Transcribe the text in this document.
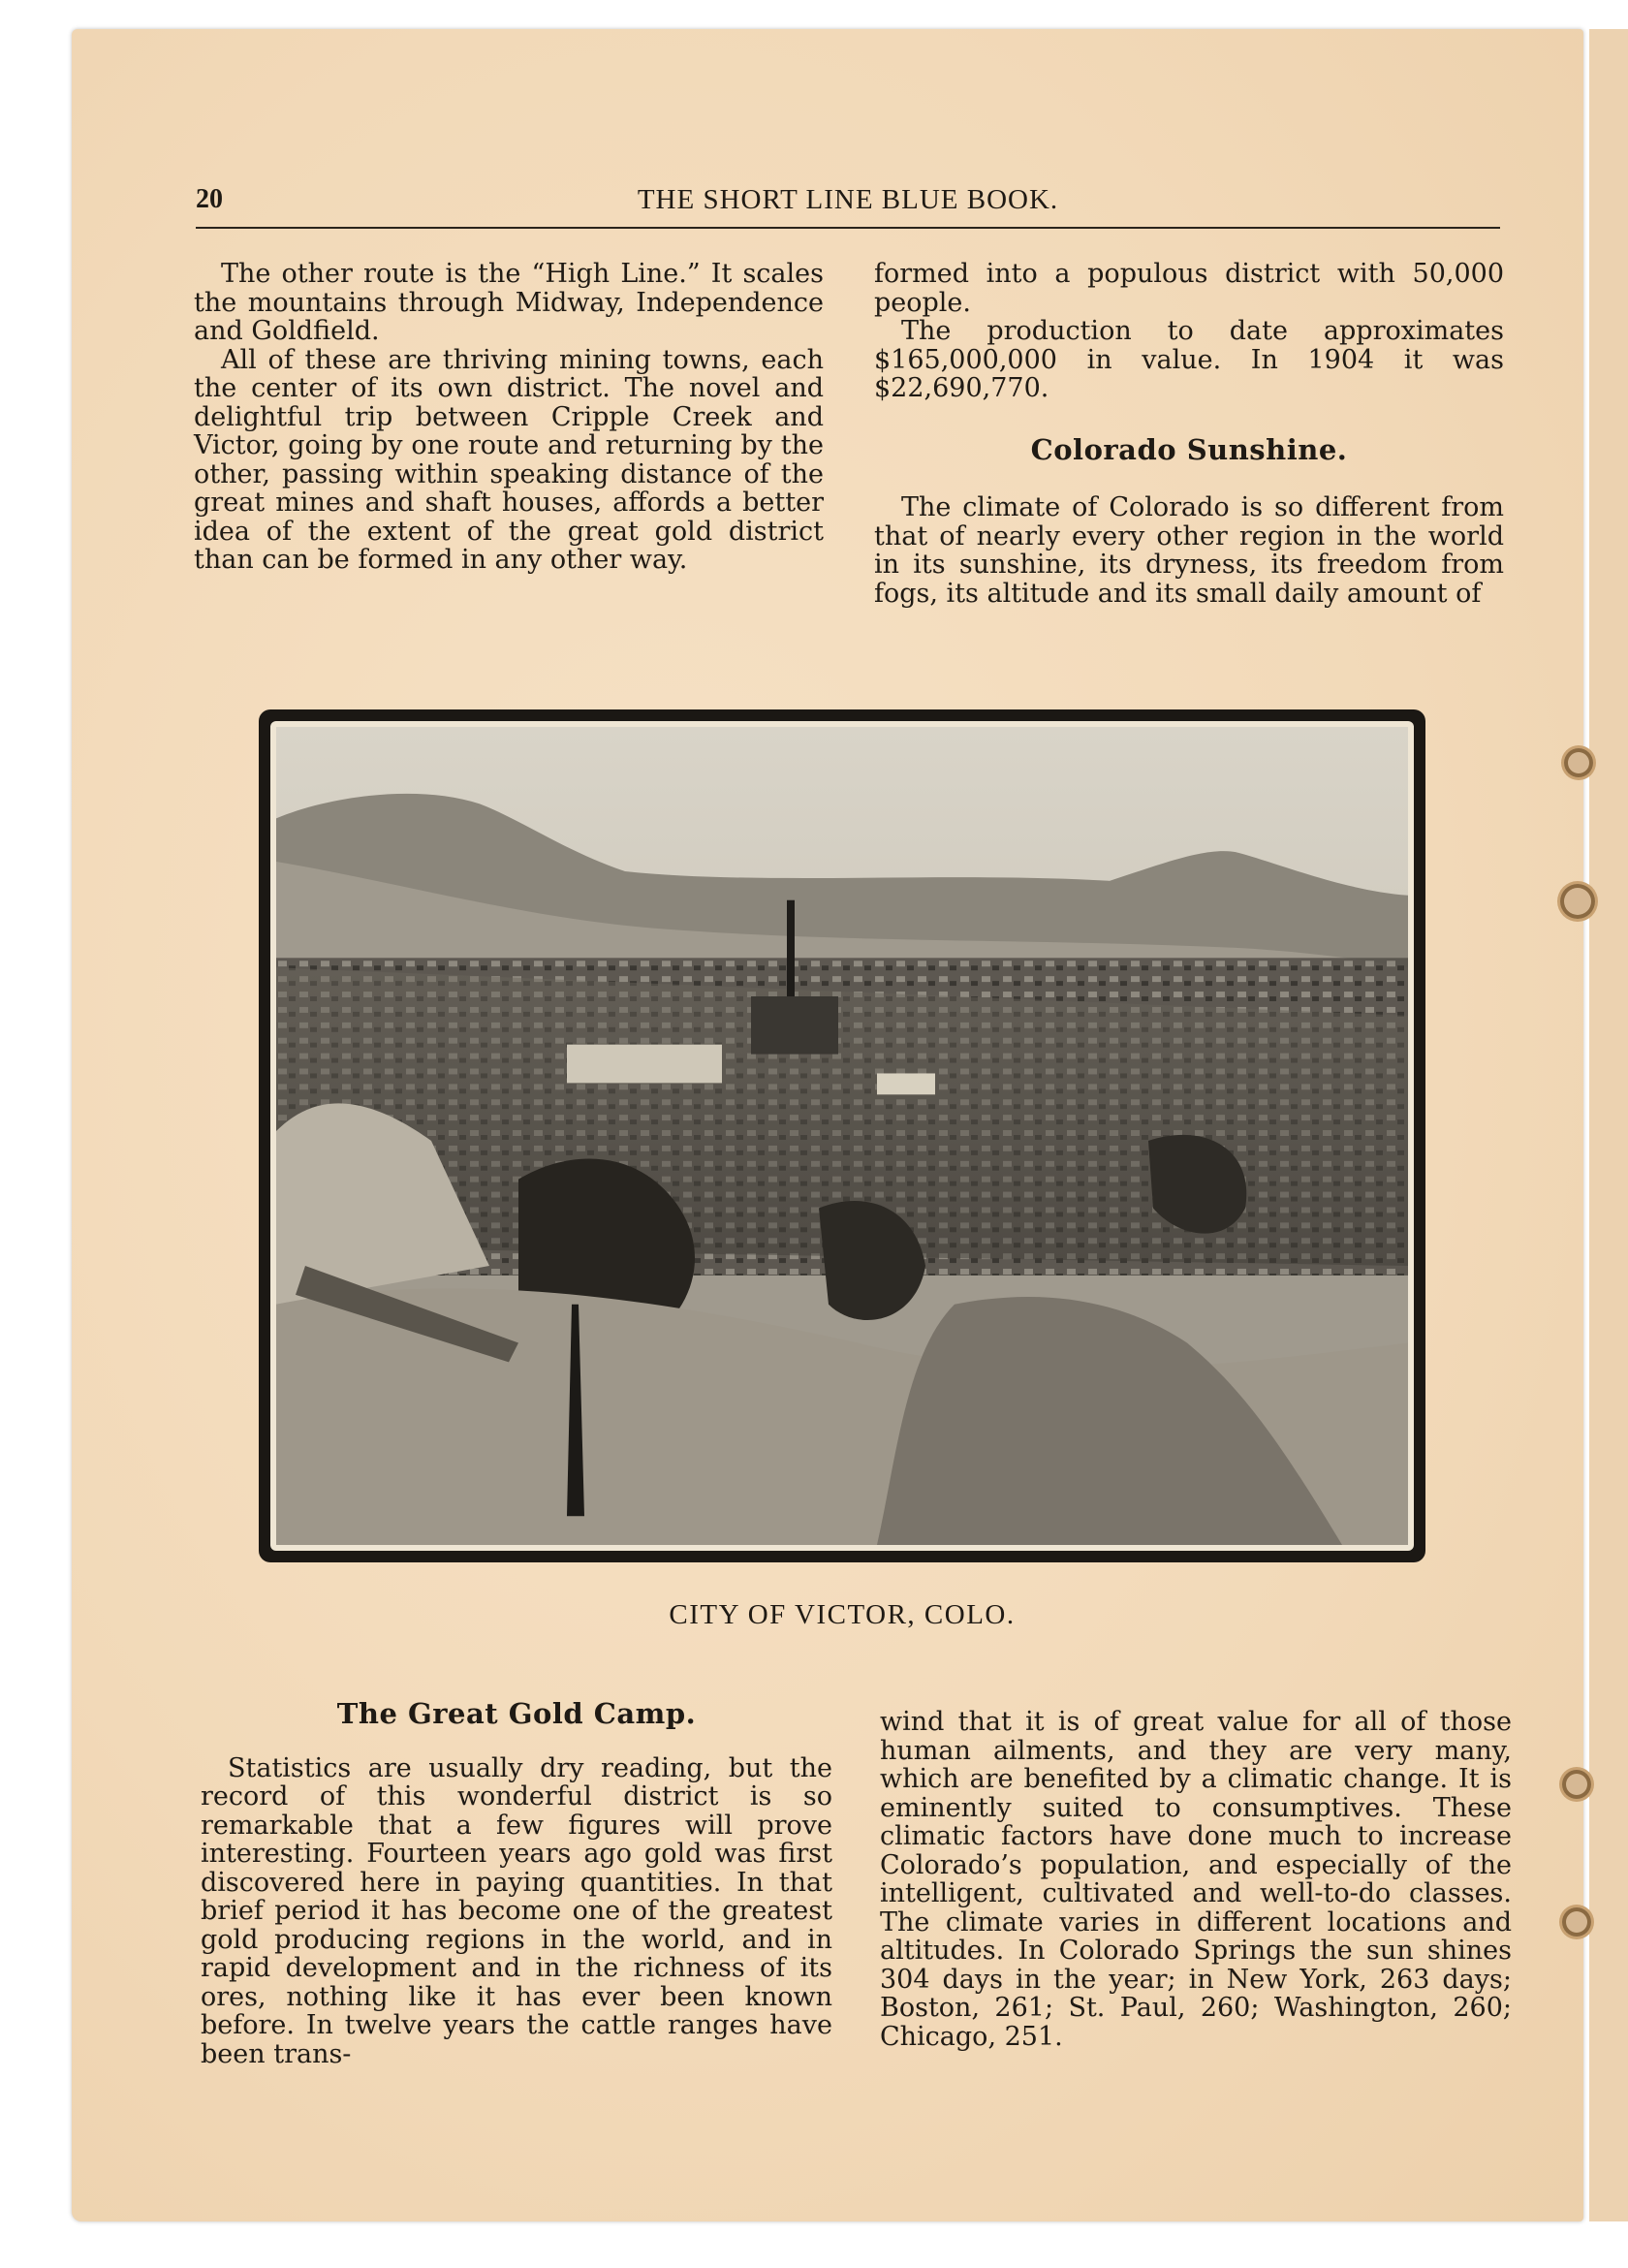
20	THE SHORT LINE BLUE BOOK.

The other route is the “High Line.” It scales the mountains through Midway, Independence and Goldfield.

All of these are thriving mining towns, each the center of its own district. The novel and delightful trip between Cripple Creek and Victor, going by one route and returning by the other, passing within speaking distance of the great mines and shaft houses, affords a better idea of the extent of the great gold district than can be formed in any other way.

formed into a populous district with 50,000 people.

The production to date approximates $165,000,000 in value. In 1904 it was $22,690,770.

Colorado Sunshine.

The climate of Colorado is so different from that of nearly every other region in the world in its sunshine, its dryness, its freedom from fogs, its altitude and its small daily amount of

CITY OF VICTOR, COLO.
The Great Gold Camp.

Statistics are usually dry reading, but the record of this wonderful district is so remarkable that a few figures will prove interesting. Fourteen years ago gold was first discovered here in paying quantities. In that brief period it has become one of the greatest gold producing regions in the world, and in rapid development and in the richness of its ores, nothing like it has ever been known before. In twelve years the cattle ranges have been trans-

wind that it is of great value for all of those human ailments, and they are very many, which are benefited by a climatic change. It is eminently suited to consumptives. These climatic factors have done much to increase Colorado’s population, and especially of the intelligent, cultivated and well-to-do classes. The climate varies in different locations and altitudes. In Colorado Springs the sun shines 304 days in the year; in New York, 263 days; Boston, 261; St. Paul, 260; Washington, 260; Chicago, 251.
